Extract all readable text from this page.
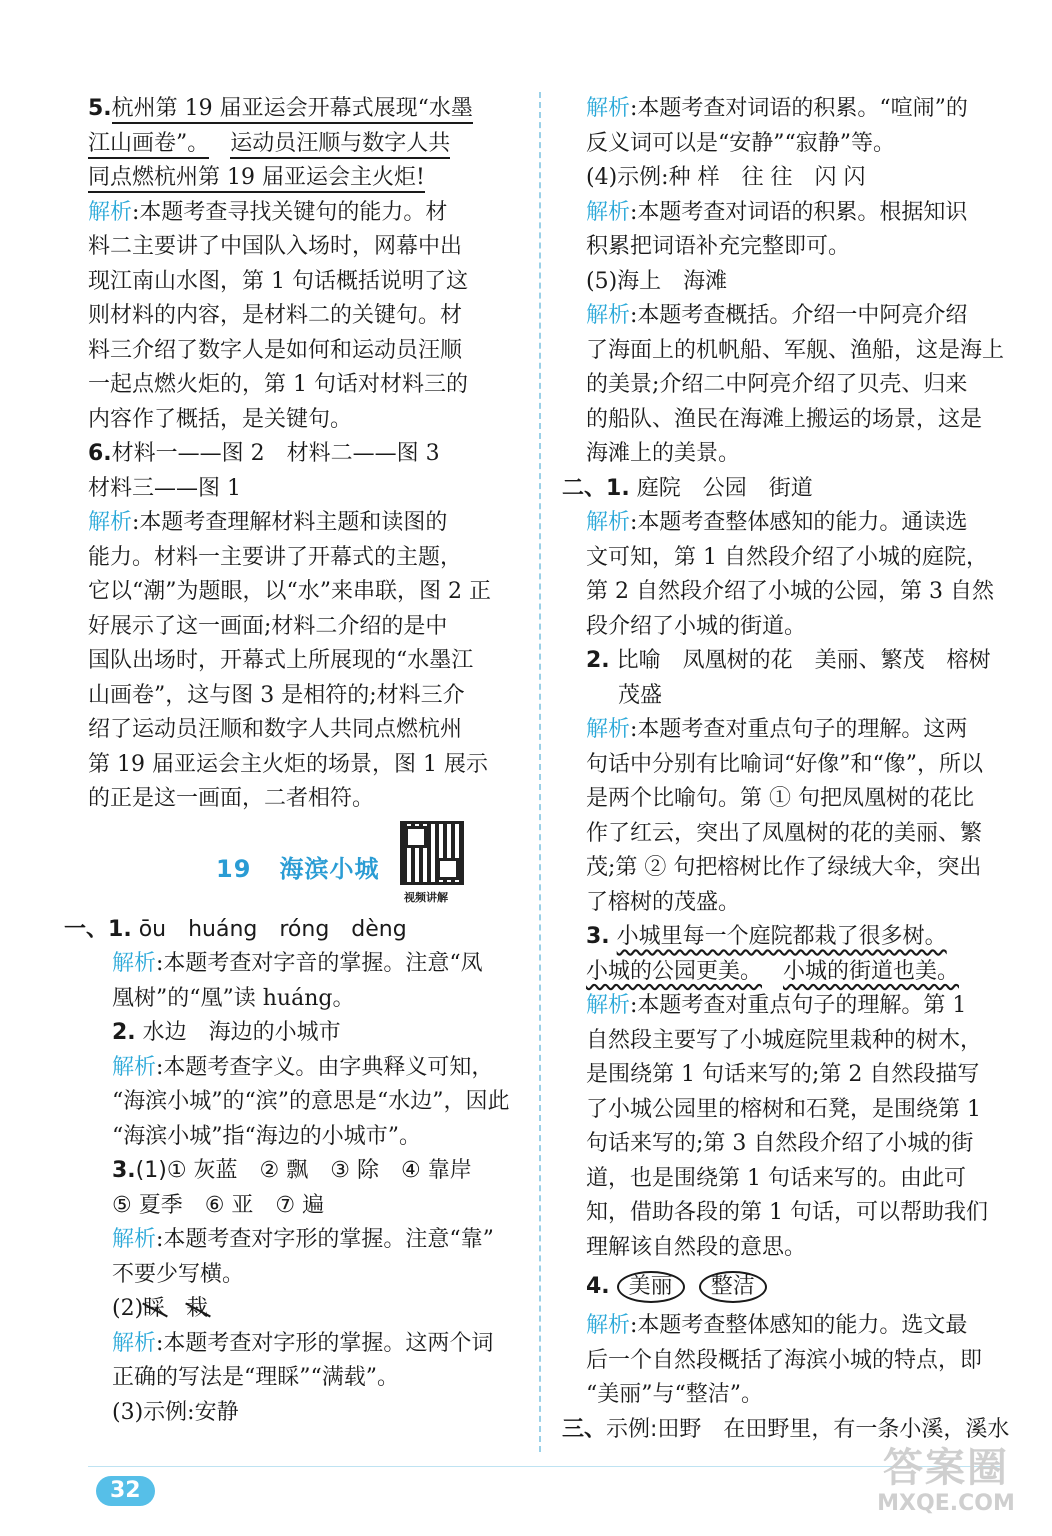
5.杭州第 19 届亚运会开幕式展现“水墨
江山画卷”。 运动员汪顺与数字人共
同点燃杭州第 19 届亚运会主火炬!
解析:本题考查寻找关键句的能力。材
料二主要讲了中国队入场时，网幕中出
现江南山水图，第 1 句话概括说明了这
则材料的内容，是材料二的关键句。材
料三介绍了数字人是如何和运动员汪顺
一起点燃火炬的，第 1 句话对材料三的
内容作了概括，是关键句。
6.材料一——图 2　材料二——图 3
材料三——图 1
解析:本题考查理解材料主题和读图的
能力。材料一主要讲了开幕式的主题，
它以“潮”为题眼，以“水”来串联，图 2 正
好展示了这一画面;材料二介绍的是中
国队出场时，开幕式上所展现的“水墨江
山画卷”，这与图 3 是相符的;材料三介
绍了运动员汪顺和数字人共同点燃杭州
第 19 届亚运会主火炬的场景，图 1 展示
的正是这一画面，二者相符。
19 海滨小城
视频讲解
一、1. ōu　huáng　róng　dèng
解析:本题考查对字音的掌握。注意“凤
凰树”的“凰”读 huáng。
2. 水边　海边的小城市
解析:本题考查字义。由字典释义可知，
“海滨小城”的“滨”的意思是“水边”，因此
“海滨小城”指“海边的小城市”。
3.(1)① 灰蓝　② 飘　③ 除　④ 靠岸
⑤ 夏季　⑥ 亚　⑦ 遍
解析:本题考查对字形的掌握。注意“靠”
不要少写横。
(2)睬 栽
解析:本题考查对字形的掌握。这两个词
正确的写法是“理睬”“满载”。
(3)示例:安静
解析:本题考查对词语的积累。“喧闹”的
反义词可以是“安静”“寂静”等。
(4)示例:种 样　往 往　闪 闪
解析:本题考查对词语的积累。根据知识
积累把词语补充完整即可。
(5)海上　海滩
解析:本题考查概括。介绍一中阿亮介绍
了海面上的机帆船、军舰、渔船，这是海上
的美景;介绍二中阿亮介绍了贝壳、归来
的船队、渔民在海滩上搬运的场景，这是
海滩上的美景。
二、1. 庭院　公园　街道
解析:本题考查整体感知的能力。通读选
文可知，第 1 自然段介绍了小城的庭院，
第 2 自然段介绍了小城的公园，第 3 自然
段介绍了小城的街道。
2. 比喻　凤凰树的花　美丽、繁茂　榕树
茂盛
解析:本题考查对重点句子的理解。这两
句话中分别有比喻词“好像”和“像”，所以
是两个比喻句。第 ① 句把凤凰树的花比
作了红云，突出了凤凰树的花的美丽、繁
茂;第 ② 句把榕树比作了绿绒大伞，突出
了榕树的茂盛。
3. 小城里每一个庭院都栽了很多树。
小城的公园更美。 小城的街道也美。
解析:本题考查对重点句子的理解。第 1
自然段主要写了小城庭院里栽种的树木，
是围绕第 1 句话来写的;第 2 自然段描写
了小城公园里的榕树和石凳，是围绕第 1
句话来写的;第 3 自然段介绍了小城的街
道，也是围绕第 1 句话来写的。由此可
知，借助各段的第 1 句话，可以帮助我们
理解该自然段的意思。
4. 美丽 整洁
解析:本题考查整体感知的能力。选文最
后一个自然段概括了海滨小城的特点，即
“美丽”与“整洁”。
三、示例:田野　在田野里，有一条小溪，溪水
32	答案圈
MXQE.COM
